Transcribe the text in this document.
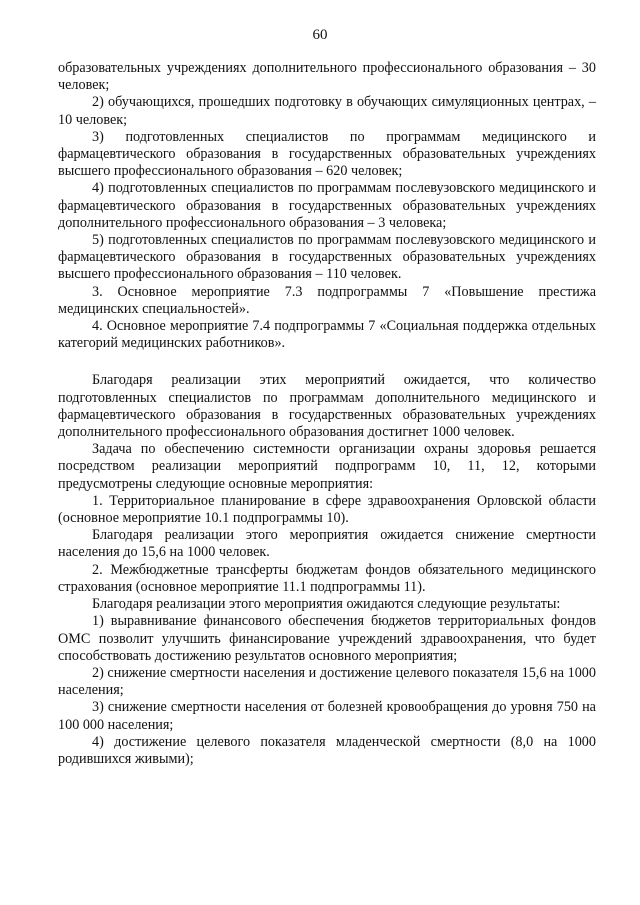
60

образовательных учреждениях дополнительного профессионального образования – 30 человек;

2) обучающихся, прошедших подготовку в обучающих симуляционных центрах, – 10 человек;

3) подготовленных специалистов по программам медицинского и фармацевтического образования в государственных образовательных учреждениях высшего профессионального образования – 620 человек;

4) подготовленных специалистов по программам послевузовского медицинского и фармацевтического образования в государственных образовательных учреждениях дополнительного профессионального образования – 3 человека;

5) подготовленных специалистов по программам послевузовского медицинского и фармацевтического образования в государственных образовательных учреждениях высшего профессионального образования – 110 человек.

3. Основное мероприятие 7.3 подпрограммы 7 «Повышение престижа медицинских специальностей».

4. Основное мероприятие 7.4 подпрограммы 7 «Социальная поддержка отдельных категорий медицинских работников».

Благодаря реализации этих мероприятий ожидается, что количество подготовленных специалистов по программам дополнительного медицинского и фармацевтического образования в государственных образовательных учреждениях дополнительного профессионального образования достигнет 1000 человек.

Задача по обеспечению системности организации охраны здоровья решается посредством реализации мероприятий подпрограмм 10, 11, 12, которыми предусмотрены следующие основные мероприятия:

1. Территориальное планирование в сфере здравоохранения Орловской области (основное мероприятие 10.1 подпрограммы 10).

Благодаря реализации этого мероприятия ожидается снижение смертности населения до 15,6 на 1000 человек.

2. Межбюджетные трансферты бюджетам фондов обязательного медицинского страхования (основное мероприятие 11.1 подпрограммы 11).

Благодаря реализации этого мероприятия ожидаются следующие результаты:

1) выравнивание финансового обеспечения бюджетов территориальных фондов ОМС позволит улучшить финансирование учреждений здравоохранения, что будет способствовать достижению результатов основного мероприятия;

2) снижение смертности населения и достижение целевого показателя 15,6 на 1000 населения;

3) снижение смертности населения от болезней кровообращения до уровня 750 на 100 000 населения;

4) достижение целевого показателя младенческой смертности (8,0 на 1000 родившихся живыми);
